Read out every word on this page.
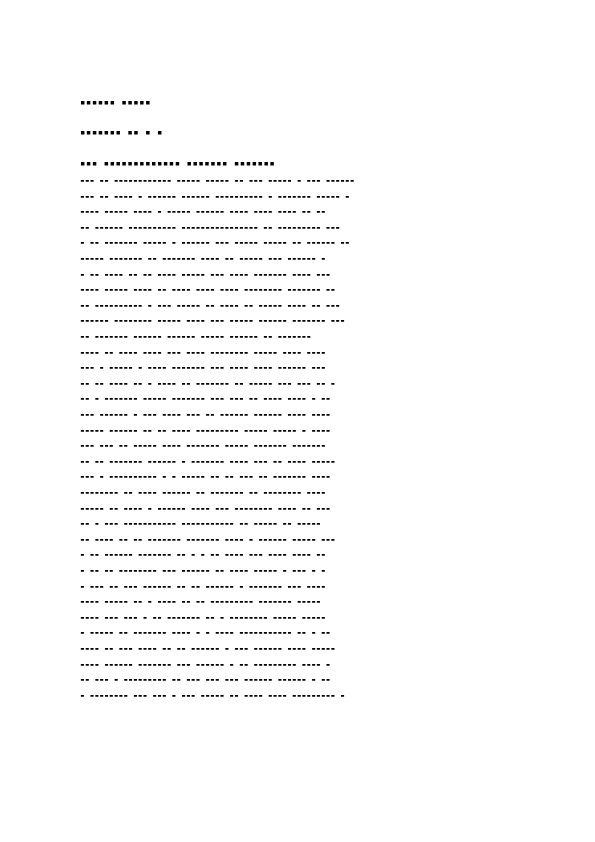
▪▪▪▪▪▪ ▪▪▪▪▪
▪▪▪▪▪▪▪ ▪▪ ▪ ▪
▪▪▪ ▪▪▪▪▪▪▪▪▪▪▪▪▪ ▪▪▪▪▪▪▪ ▪▪▪▪▪▪▪
▪▪▪ ▪▪ ▪▪▪▪▪▪▪▪▪▪▪▪ ▪▪▪▪▪ ▪▪▪▪▪ ▪▪ ▪▪▪ ▪▪▪▪▪ ▪ ▪▪▪ ▪▪▪▪▪▪
▪▪▪ ▪▪ ▪▪▪▪ ▪ ▪▪▪▪▪▪ ▪▪▪▪▪▪ ▪▪▪▪▪▪▪▪▪▪ ▪ ▪▪▪▪▪▪▪ ▪▪▪▪▪ ▪
▪▪▪▪ ▪▪▪▪▪ ▪▪▪▪ ▪ ▪▪▪▪▪ ▪▪▪▪▪▪ ▪▪▪▪ ▪▪▪▪ ▪▪▪▪ ▪▪ ▪▪
▪▪ ▪▪▪▪▪▪ ▪▪▪▪▪▪▪▪▪▪ ▪▪▪▪▪▪▪▪▪▪▪▪▪▪▪▪ ▪▪ ▪▪▪▪▪▪▪▪▪ ▪▪▪
▪ ▪▪ ▪▪▪▪▪▪▪ ▪▪▪▪▪ ▪ ▪▪▪▪▪▪ ▪▪▪ ▪▪▪▪▪ ▪▪▪▪▪ ▪▪ ▪▪▪▪▪▪ ▪▪
▪▪▪▪▪ ▪▪▪▪▪▪▪ ▪▪ ▪▪▪▪▪▪▪ ▪▪▪▪ ▪▪ ▪▪▪▪▪ ▪▪▪ ▪▪▪▪▪▪ ▪
▪ ▪▪ ▪▪▪▪ ▪▪ ▪▪ ▪▪▪▪ ▪▪▪▪▪ ▪▪▪ ▪▪▪▪ ▪▪▪▪▪▪▪ ▪▪▪▪ ▪▪▪
▪▪▪▪ ▪▪▪▪▪ ▪▪▪▪ ▪▪ ▪▪▪▪ ▪▪▪▪ ▪▪▪▪ ▪▪▪▪▪▪▪▪ ▪▪▪▪▪▪▪ ▪▪
▪▪ ▪▪▪▪▪▪▪▪▪▪ ▪ ▪▪▪ ▪▪▪▪▪ ▪▪ ▪▪▪▪ ▪▪ ▪▪▪▪▪ ▪▪▪▪ ▪▪ ▪▪▪
▪▪▪▪▪▪ ▪▪▪▪▪▪▪▪ ▪▪▪▪▪ ▪▪▪▪ ▪▪▪ ▪▪▪▪▪ ▪▪▪▪▪▪ ▪▪▪▪▪▪▪ ▪▪▪
▪▪ ▪▪▪▪▪▪▪ ▪▪▪▪▪▪ ▪▪▪▪▪▪ ▪▪▪▪▪ ▪▪▪▪▪▪ ▪▪ ▪▪▪▪▪▪▪
▪▪▪▪ ▪▪ ▪▪▪▪ ▪▪▪▪ ▪▪▪ ▪▪▪▪ ▪▪▪▪▪▪▪▪ ▪▪▪▪▪ ▪▪▪▪ ▪▪▪▪
▪▪▪ ▪ ▪▪▪▪▪ ▪ ▪▪▪▪ ▪▪▪▪▪▪▪ ▪▪▪ ▪▪▪▪ ▪▪▪▪ ▪▪▪▪▪▪ ▪▪▪
▪▪ ▪▪ ▪▪▪▪ ▪▪ ▪ ▪▪▪▪ ▪▪ ▪▪▪▪▪▪▪ ▪▪ ▪▪▪▪▪ ▪▪▪ ▪▪▪ ▪▪ ▪
▪▪ ▪ ▪▪▪▪▪▪▪ ▪▪▪▪▪ ▪▪▪▪▪▪▪ ▪▪▪ ▪▪▪ ▪▪ ▪▪▪▪ ▪▪▪▪ ▪ ▪▪
▪▪▪ ▪▪▪▪▪▪ ▪ ▪▪▪ ▪▪▪▪ ▪▪▪ ▪▪ ▪▪▪▪▪▪ ▪▪▪▪▪▪ ▪▪▪▪ ▪▪▪▪
▪▪▪▪▪ ▪▪▪▪▪▪ ▪▪ ▪▪ ▪▪▪▪ ▪▪▪▪▪▪▪▪▪ ▪▪▪▪▪ ▪▪▪▪▪ ▪ ▪▪▪▪
▪▪▪ ▪▪▪ ▪▪ ▪▪▪▪▪ ▪▪▪▪ ▪▪▪▪▪▪▪ ▪▪▪▪▪ ▪▪▪▪▪▪▪ ▪▪▪▪▪▪▪
▪▪ ▪▪ ▪▪▪▪▪▪▪ ▪▪▪▪▪▪ ▪ ▪▪▪▪▪▪▪ ▪▪▪▪ ▪▪▪ ▪▪ ▪▪▪▪ ▪▪▪▪▪
▪▪▪ ▪ ▪▪▪▪▪▪▪▪▪▪ ▪ ▪ ▪▪▪▪▪ ▪▪ ▪▪ ▪▪▪ ▪▪ ▪▪▪▪▪▪▪ ▪▪▪▪
▪▪▪▪▪▪▪▪ ▪▪ ▪▪▪▪ ▪▪▪▪▪▪ ▪▪ ▪▪▪▪▪▪▪ ▪▪ ▪▪▪▪▪▪▪▪ ▪▪▪▪
▪▪▪▪▪ ▪▪ ▪▪▪▪ ▪ ▪▪▪▪▪▪ ▪▪▪▪ ▪▪▪ ▪▪▪▪▪▪▪▪ ▪▪▪▪ ▪▪ ▪▪▪
▪▪ ▪ ▪▪▪ ▪▪▪▪▪▪▪▪▪▪▪ ▪▪▪▪▪▪▪▪▪▪▪ ▪▪ ▪▪▪▪▪ ▪▪ ▪▪▪▪▪
▪▪ ▪▪▪▪ ▪▪ ▪▪ ▪▪▪▪▪▪▪ ▪▪▪▪▪▪▪ ▪▪▪▪ ▪ ▪▪▪▪▪▪ ▪▪▪▪▪ ▪▪▪
▪ ▪▪ ▪▪▪▪▪▪ ▪▪▪▪▪▪▪ ▪▪ ▪ ▪ ▪▪ ▪▪▪▪ ▪▪▪ ▪▪▪▪ ▪▪▪▪ ▪▪
▪ ▪▪ ▪▪ ▪▪▪▪▪▪▪▪ ▪▪▪ ▪▪▪▪▪▪ ▪▪ ▪▪▪▪ ▪▪▪▪▪ ▪ ▪▪▪ ▪ ▪
▪ ▪▪▪ ▪▪ ▪▪▪ ▪▪▪▪▪▪ ▪▪ ▪▪ ▪▪▪▪▪▪ ▪ ▪▪▪▪▪▪▪ ▪▪▪ ▪▪▪▪
▪▪▪▪ ▪▪▪▪▪ ▪▪ ▪ ▪▪▪▪ ▪▪ ▪▪ ▪▪▪▪▪▪▪▪▪ ▪▪▪▪▪▪▪ ▪▪▪▪▪
▪▪▪▪ ▪▪▪ ▪▪▪ ▪ ▪▪ ▪▪▪▪▪▪▪ ▪▪ ▪ ▪▪▪▪▪▪▪▪ ▪▪▪▪▪ ▪▪▪▪▪
▪ ▪▪▪▪▪ ▪▪ ▪▪▪▪▪▪▪ ▪▪▪▪ ▪ ▪ ▪▪▪▪ ▪▪▪▪▪▪▪▪▪▪▪ ▪▪ ▪ ▪▪
▪▪▪▪ ▪▪ ▪▪▪ ▪▪▪▪ ▪▪ ▪▪ ▪▪▪▪▪▪ ▪ ▪▪▪ ▪▪▪▪▪▪ ▪▪▪▪ ▪▪▪▪▪
▪▪▪▪ ▪▪▪▪▪▪ ▪▪▪▪▪▪▪ ▪▪▪ ▪▪▪▪▪▪ ▪ ▪▪ ▪▪▪▪▪▪▪▪▪ ▪▪▪▪ ▪
▪▪ ▪▪▪ ▪ ▪▪▪▪▪▪▪▪▪ ▪▪ ▪▪▪ ▪▪▪ ▪▪▪ ▪▪▪▪▪▪ ▪▪▪▪▪▪ ▪ ▪▪
▪ ▪▪▪▪▪▪▪▪ ▪▪▪ ▪▪▪ ▪ ▪▪▪ ▪▪▪▪▪ ▪▪ ▪▪▪▪ ▪▪▪▪ ▪▪▪▪▪▪▪▪▪ ▪
